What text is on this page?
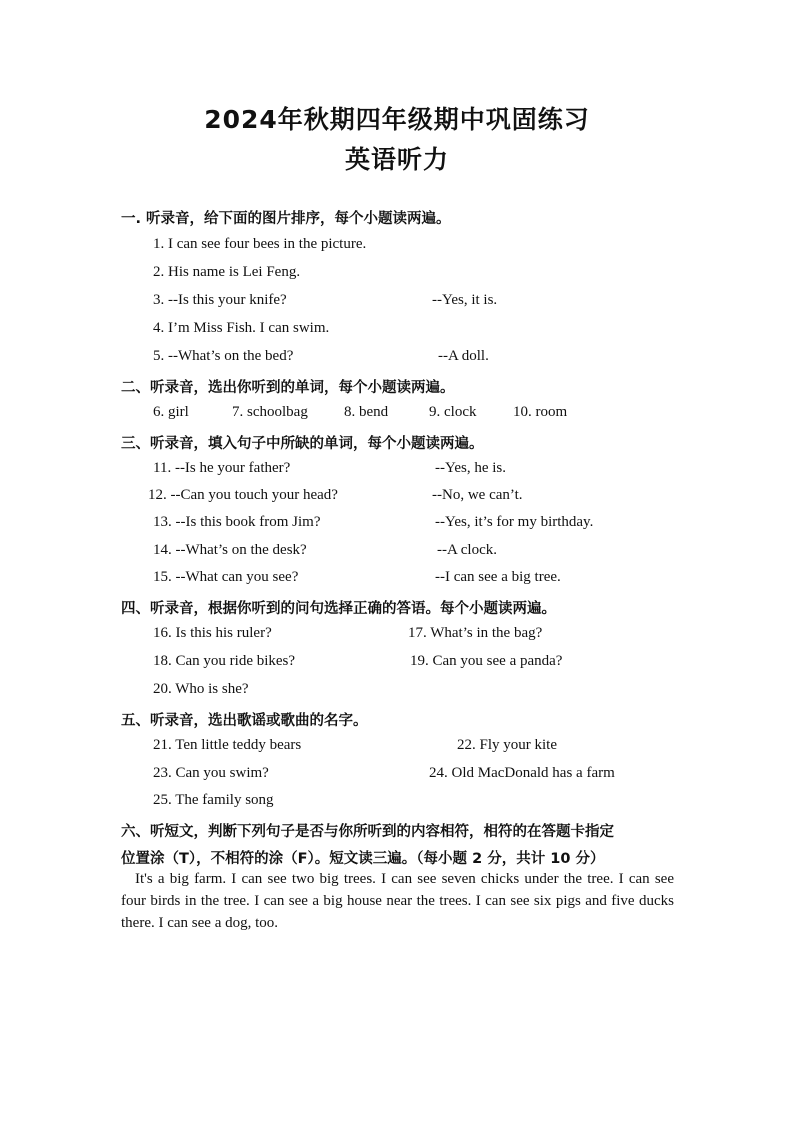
2024年秋期四年级期中巩固练习
英语听力
一. 听录音，给下面的图片排序，每个小题读两遍。
1. I can see four bees in the picture.
2. His name is Lei Feng.
3. --Is this your knife?	--Yes, it is.
4. I’m Miss Fish. I can swim.
5. --What’s on the bed?	--A doll.
二、听录音，选出你听到的单词，每个小题读两遍。
6. girl	7. schoolbag 8. bend	9. clock 10. room
三、听录音，填入句子中所缺的单词，每个小题读两遍。
11. --Is he your father?	--Yes, he is.
12. --Can you touch your head?	--No, we can’t.
13. --Is this book from Jim?	--Yes, it’s for my birthday.
14. --What’s on the desk?	--A clock.
15. --What can you see?	--I can see a big tree.
四、听录音，根据你听到的问句选择正确的答语。每个小题读两遍。
16. Is this his ruler?	17. What’s in the bag?
18. Can you ride bikes?	19. Can you see a panda?
20. Who is she?
五、听录音，选出歌谣或歌曲的名字。
21. Ten little teddy bears	22. Fly your kite
23. Can you swim?	24. Old MacDonald has a farm
25. The family song
六、听短文，判断下列句子是否与你所听到的内容相符，相符的在答题卡指定
位置涂（T），不相符的涂（F）。短文读三遍。（每小题 2 分，共计 10 分）
It's a big farm. I can see two big trees. I can see seven chicks under the tree. I can see four birds in the tree. I can see a big house near the trees. I can see six pigs and five ducks there. I can see a dog, too.
